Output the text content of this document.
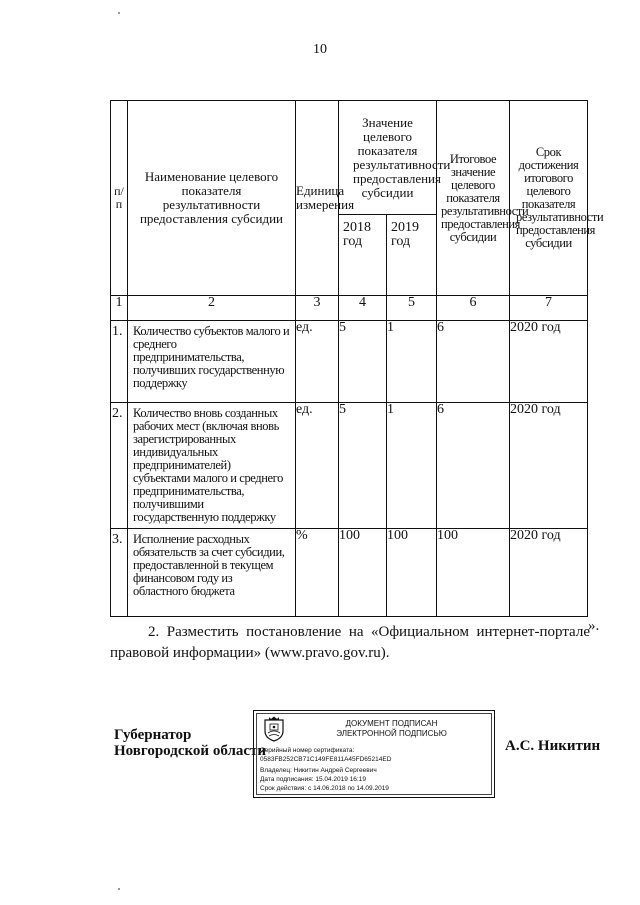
10
п/п	Наименование целевого показателя результативности предоставления субсидии	Единица измерения	Значение целевого показателя результативности предоставления субсидии		Итоговое значение целевого показателя результативности предоставления субсидии	Срок достижения итогового целевого показателя результативности предоставления субсидии
			2018 год	2019 год		
1	2	3	4	5	6	7
1.	Количество субъектов малого и среднего предпринимательства, получивших государственную поддержку	ед.	5	1	6	2020 год
2.	Количество вновь созданных рабочих мест (включая вновь зарегистрированных индивидуальных предпринимателей) субъектами малого и среднего предпринимательства, получившими государственную поддержку	ед.	5	1	6	2020 год
3.	Исполнение расходных обязательств за счет субсидии, предоставленной в текущем финансовом году из областного бюджета	%	100	100	100	2020 год
».
2. Разместить постановление на «Официальном интернет-портале правовой информации» (www.pravo.gov.ru).
Губернатор
Новгородской области
ДОКУМЕНТ ПОДПИСАН
ЭЛЕКТРОННОЙ ПОДПИСЬЮ
Серийный номер сертификата:
0583FB252CB71C149FE811A45FD65214ED
Владелец: Никитин Андрей Сергеевич
Дата подписания: 15.04.2019 16:19
Срок действия: с 14.06.2018 по 14.09.2019
А.С. Никитин
